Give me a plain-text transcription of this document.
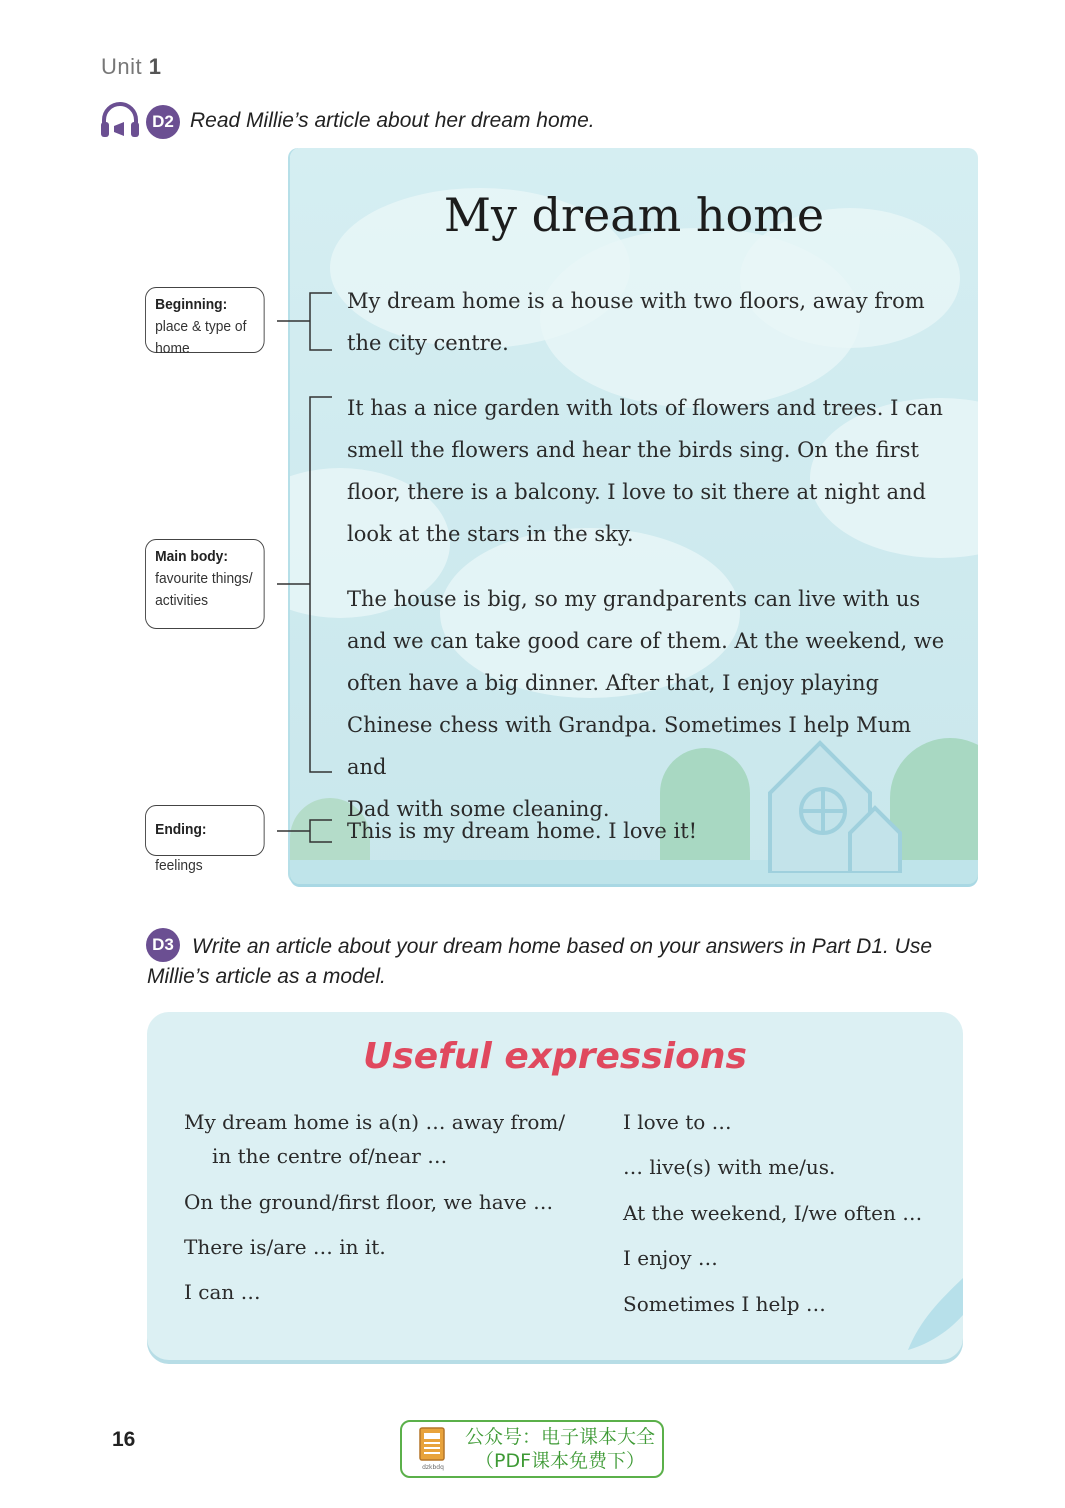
Unit 1
D2 Read Millie’s article about her dream home.
My dream home
My dream home is a house with two floors, away from
the city centre.
It has a nice garden with lots of flowers and trees. I can
smell the flowers and hear the birds sing. On the first
floor, there is a balcony. I love to sit there at night and
look at the stars in the sky.
The house is big, so my grandparents can live with us
and we can take good care of them. At the weekend, we
often have a big dinner. After that, I enjoy playing
Chinese chess with Grandpa. Sometimes I help Mum and
Dad with some cleaning.
This is my dream home. I love it!
Beginning: place & type of home
Main body:
favourite things/ activities
Ending: feelings
D3 Write an article about your dream home based on your answers in Part D1. Use Millie’s article as a model.
Useful expressions
My dream home is a(n) … away from/
in the centre of/near …
On the ground/first floor, we have …
There is/are … in it.
I can …
I love to …
… live(s) with me/us.
At the weekend, I/we often …
I enjoy …
Sometimes I help …
16
dzkbdq
公众号：电子课本大全
（PDF课本免费下）
